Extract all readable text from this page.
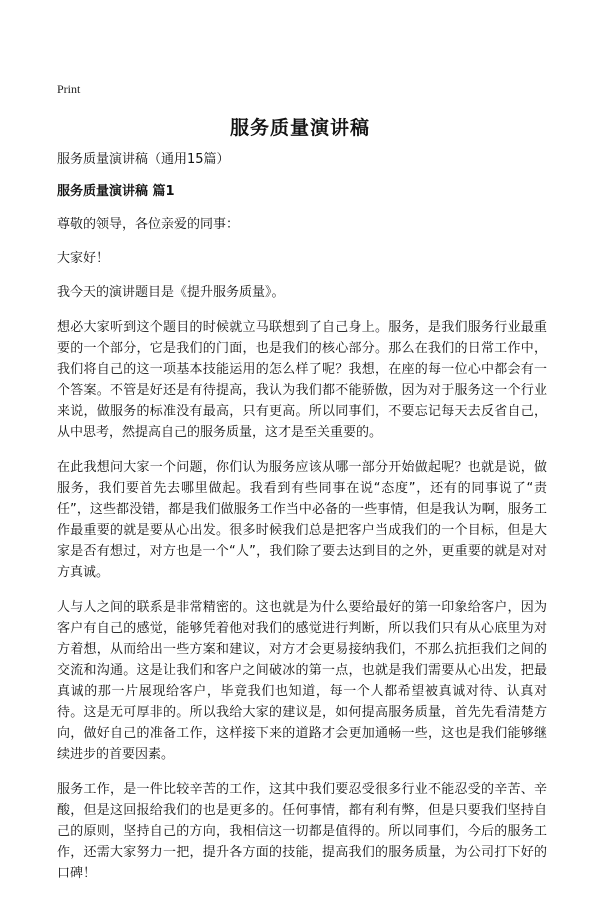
Print
服务质量演讲稿
服务质量演讲稿（通用15篇）
服务质量演讲稿 篇1
尊敬的领导，各位亲爱的同事：
大家好！
我今天的演讲题目是《提升服务质量》。

想必大家听到这个题目的时候就立马联想到了自己身上。服务，是我们服务行业最重要的一个部分，它是我们的门面，也是我们的核心部分。那么在我们的日常工作中，我们将自己的这一项基本技能运用的怎么样了呢？我想，在座的每一位心中都会有一个答案。不管是好还是有待提高，我认为我们都不能骄傲，因为对于服务这一个行业来说，做服务的标准没有最高，只有更高。所以同事们，不要忘记每天去反省自己，从中思考，然提高自己的服务质量，这才是至关重要的。

在此我想问大家一个问题，你们认为服务应该从哪一部分开始做起呢？也就是说，做服务，我们要首先去哪里做起。我看到有些同事在说“态度”，还有的同事说了“责任”，这些都没错，都是我们做服务工作当中必备的一些事情，但是我认为啊，服务工作最重要的就是要从心出发。很多时候我们总是把客户当成我们的一个目标，但是大家是否有想过，对方也是一个“人”，我们除了要去达到目的之外，更重要的就是对对方真诚。

人与人之间的联系是非常精密的。这也就是为什么要给最好的第一印象给客户，因为客户有自己的感觉，能够凭着他对我们的感觉进行判断，所以我们只有从心底里为对方着想，从而给出一些方案和建议，对方才会更易接纳我们，不那么抗拒我们之间的交流和沟通。这是让我们和客户之间破冰的第一点，也就是我们需要从心出发，把最真诚的那一片展现给客户，毕竟我们也知道，每一个人都希望被真诚对待、认真对待。这是无可厚非的。所以我给大家的建议是，如何提高服务质量，首先先看清楚方向，做好自己的准备工作，这样接下来的道路才会更加通畅一些，这也是我们能够继续进步的首要因素。

服务工作，是一件比较辛苦的工作，这其中我们要忍受很多行业不能忍受的辛苦、辛酸，但是这回报给我们的也是更多的。任何事情，都有利有弊，但是只要我们坚持自己的原则，坚持自己的方向，我相信这一切都是值得的。所以同事们，今后的服务工作，还需大家努力一把，提升各方面的技能，提高我们的服务质量，为公司打下好的口碑！
